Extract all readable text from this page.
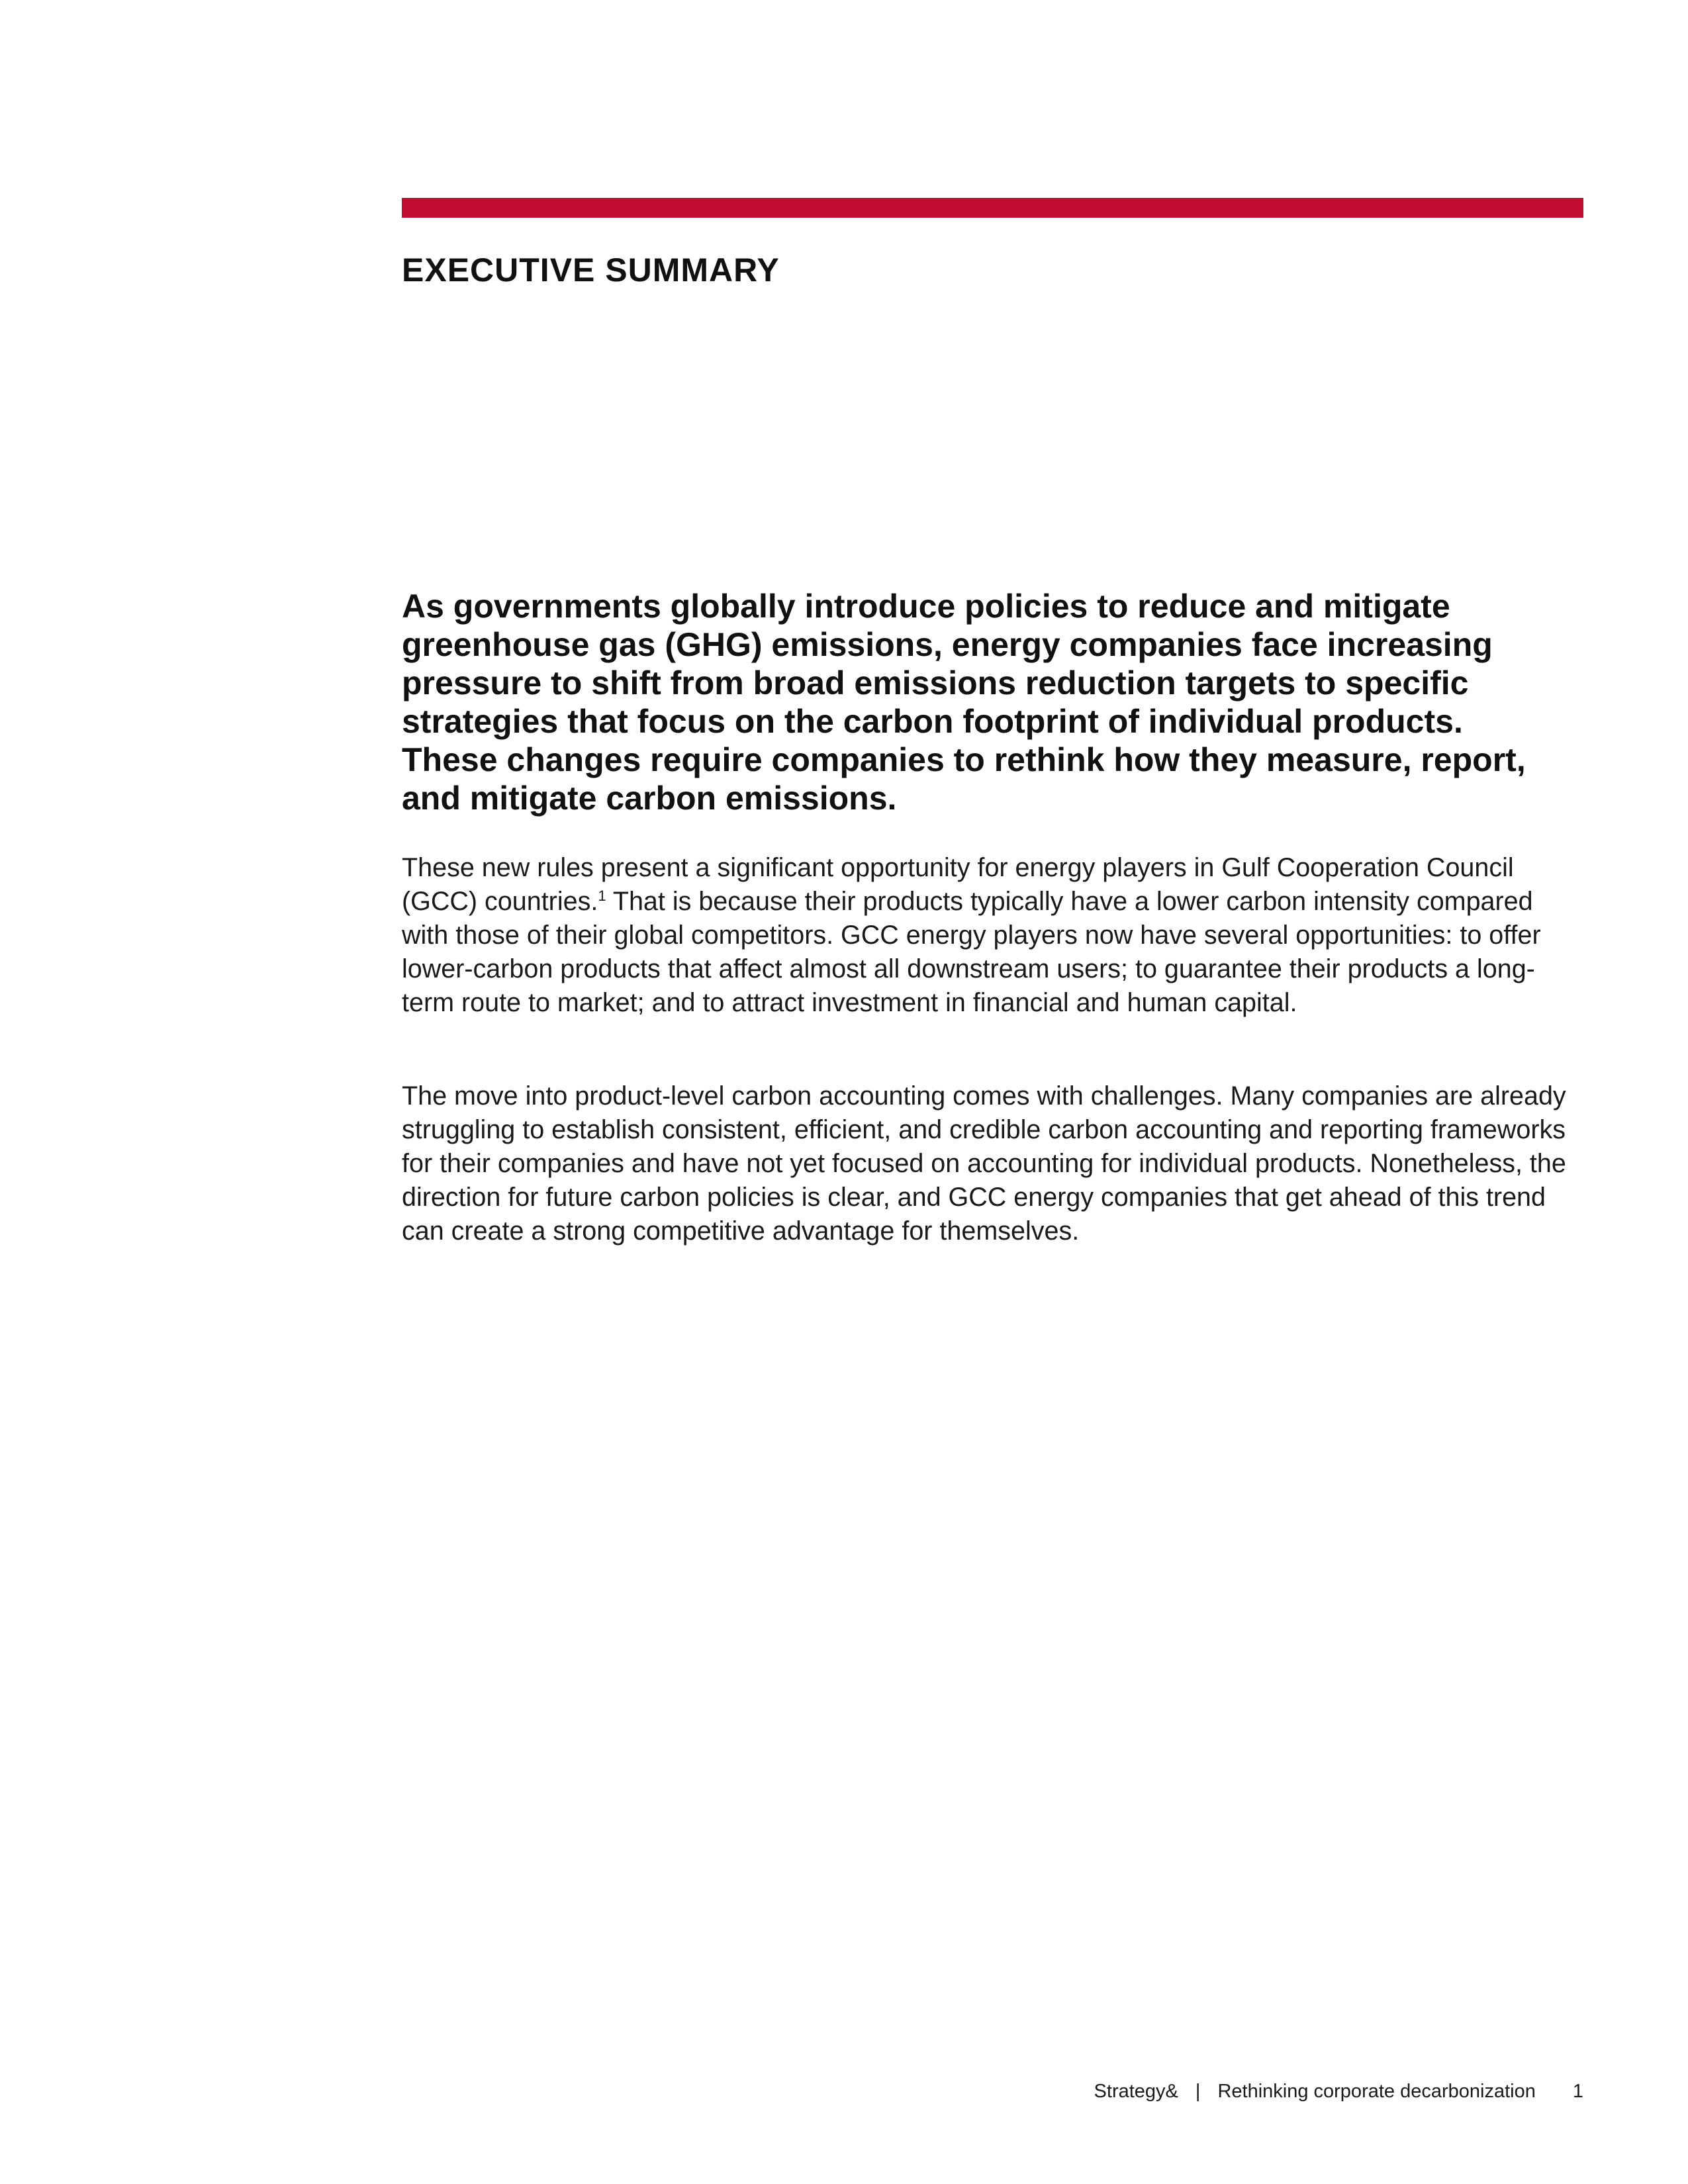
EXECUTIVE SUMMARY

As governments globally introduce policies to reduce and mitigate greenhouse gas (GHG) emissions, energy companies face increasing pressure to shift from broad emissions reduction targets to specific strategies that focus on the carbon footprint of individual products. These changes require companies to rethink how they measure, report, and mitigate carbon emissions.

These new rules present a significant opportunity for energy players in Gulf Cooperation Council (GCC) countries.$^1$ That is because their products typically have a lower carbon intensity compared with those of their global competitors. GCC energy players now have several opportunities: to offer lower-carbon products that affect almost all downstream users; to guarantee their products a long-term route to market; and to attract investment in financial and human capital.

The move into product-level carbon accounting comes with challenges. Many companies are already struggling to establish consistent, efficient, and credible carbon accounting and reporting frameworks for their companies and have not yet focused on accounting for individual products. Nonetheless, the direction for future carbon policies is clear, and GCC energy companies that get ahead of this trend can create a strong competitive advantage for themselves.

Strategy& | Rethinking corporate decarbonization 1
